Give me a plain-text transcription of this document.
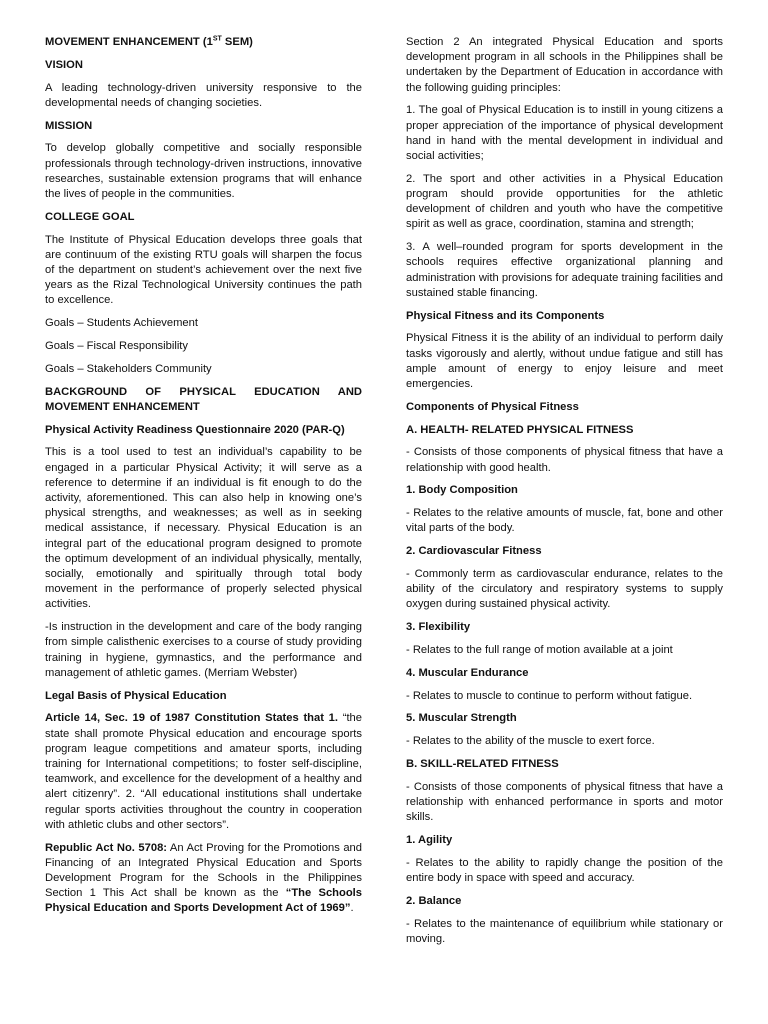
MOVEMENT ENHANCEMENT (1ST SEM)

VISION

A leading technology-driven university responsive to the developmental needs of changing societies.

MISSION

To develop globally competitive and socially responsible professionals through technology-driven instructions, innovative researches, sustainable extension programs that will enhance the lives of people in the communities.

COLLEGE GOAL

The Institute of Physical Education develops three goals that are continuum of the existing RTU goals will sharpen the focus of the department on student’s achievement over the next five years as the Rizal Technological University continues the path to excellence.

Goals – Students Achievement

Goals – Fiscal Responsibility

Goals – Stakeholders Community

BACKGROUND OF PHYSICAL EDUCATION AND MOVEMENT ENHANCEMENT

Physical Activity Readiness Questionnaire 2020 (PAR-Q)

This is a tool used to test an individual’s capability to be engaged in a particular Physical Activity; it will serve as a reference to determine if an individual is fit enough to do the activity, aforementioned. This can also help in knowing one’s physical strengths, and weaknesses; as well as in seeking medical assistance, if necessary. Physical Education is an integral part of the educational program designed to promote the optimum development of an individual physically, mentally, socially, emotionally and spiritually through total body movement in the performance of properly selected physical activities.

-Is instruction in the development and care of the body ranging from simple calisthenic exercises to a course of study providing training in hygiene, gymnastics, and the performance and management of athletic games. (Merriam Webster)

Legal Basis of Physical Education

Article 14, Sec. 19 of 1987 Constitution States that 1. “the state shall promote Physical education and encourage sports program league competitions and amateur sports, including training for International competitions; to foster self-discipline, teamwork, and excellence for the development of a healthy and alert citizenry”. 2. “All educational institutions shall undertake regular sports activities throughout the country in cooperation with athletic clubs and other sectors”.

Republic Act No. 5708: An Act Proving for the Promotions and Financing of an Integrated Physical Education and Sports Development Program for the Schools in the Philippines Section 1 This Act shall be known as the “The Schools Physical Education and Sports Development Act of 1969”.

Section 2 An integrated Physical Education and sports development program in all schools in the Philippines shall be undertaken by the Department of Education in accordance with the following guiding principles:

1. The goal of Physical Education is to instill in young citizens a proper appreciation of the importance of physical development hand in hand with the mental development in individual and social activities;

2. The sport and other activities in a Physical Education program should provide opportunities for the athletic development of children and youth who have the competitive spirit as well as grace, coordination, stamina and strength;

3. A well–rounded program for sports development in the schools requires effective organizational planning and administration with provisions for adequate training facilities and sustained stable financing.

Physical Fitness and its Components

Physical Fitness it is the ability of an individual to perform daily tasks vigorously and alertly, without undue fatigue and still has ample amount of energy to enjoy leisure and meet emergencies.

Components of Physical Fitness

A. HEALTH- RELATED PHYSICAL FITNESS

- Consists of those components of physical fitness that have a relationship with good health.

1. Body Composition

- Relates to the relative amounts of muscle, fat, bone and other vital parts of the body.

2. Cardiovascular Fitness

- Commonly term as cardiovascular endurance, relates to the ability of the circulatory and respiratory systems to supply oxygen during sustained physical activity.

3. Flexibility

- Relates to the full range of motion available at a joint

4. Muscular Endurance

- Relates to muscle to continue to perform without fatigue.

5. Muscular Strength

- Relates to the ability of the muscle to exert force.

B. SKILL-RELATED FITNESS

- Consists of those components of physical fitness that have a relationship with enhanced performance in sports and motor skills.

1. Agility

- Relates to the ability to rapidly change the position of the entire body in space with speed and accuracy.

2. Balance

- Relates to the maintenance of equilibrium while stationary or moving.
